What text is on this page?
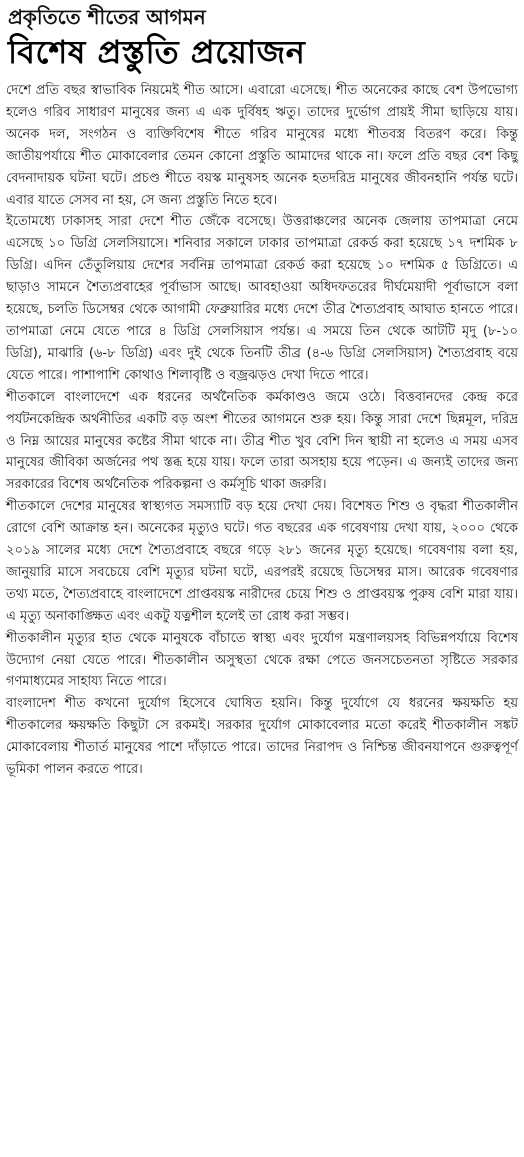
প্রকৃতিতে শীতের আগমন
বিশেষ প্রস্তুতি প্রয়োজন

দেশে প্রতি বছর স্বাভাবিক নিয়মেই শীত আসে। এবারো এসেছে। শীত অনেকের কাছে বেশ উপভোগ্য হলেও গরিব সাধারণ মানুষের জন্য এ এক দুর্বিষহ ঋতু। তাদের দুর্ভোগ প্রায়ই সীমা ছাড়িয়ে যায়। অনেক দল, সংগঠন ও ব্যক্তিবিশেষ শীতে গরিব মানুষের মধ্যে শীতবস্ত্র বিতরণ করে। কিন্তু জাতীয়পর্যায়ে শীত মোকাবেলার তেমন কোনো প্রস্তুতি আমাদের থাকে না। ফলে প্রতি বছর বেশ কিছু বেদনাদায়ক ঘটনা ঘটে। প্রচণ্ড শীতে বয়স্ক মানুষসহ অনেক হতদরিদ্র মানুষের জীবনহানি পর্যন্ত ঘটে। এবার যাতে সেসব না হয়, সে জন্য প্রস্তুতি নিতে হবে।

ইতোমধ্যে ঢাকাসহ সারা দেশে শীত জেঁকে বসেছে। উত্তরাঞ্চলের অনেক জেলায় তাপমাত্রা নেমে এসেছে ১০ ডিগ্রি সেলসিয়াসে। শনিবার সকালে ঢাকার তাপমাত্রা রেকর্ড করা হয়েছে ১৭ দশমিক ৮ ডিগ্রি। এদিন তেঁতুলিয়ায় দেশের সর্বনিম্ন তাপমাত্রা রেকর্ড করা হয়েছে ১০ দশমিক ৫ ডিগ্রিতে। এ ছাড়াও সামনে শৈত্যপ্রবাহের পূর্বাভাস আছে। আবহাওয়া অধিদফতরের দীর্ঘমেয়াদী পূর্বাভাসে বলা হয়েছে, চলতি ডিসেম্বর থেকে আগামী ফেব্রুয়ারির মধ্যে দেশে তীব্র শৈত্যপ্রবাহ আঘাত হানতে পারে। তাপমাত্রা নেমে যেতে পারে ৪ ডিগ্রি সেলসিয়াস পর্যন্ত। এ সময়ে তিন থেকে আটটি মৃদু (৮-১০ ডিগ্রি), মাঝারি (৬-৮ ডিগ্রি) এবং দুই থেকে তিনটি তীব্র (৪-৬ ডিগ্রি সেলসিয়াস) শৈত্যপ্রবাহ বয়ে যেতে পারে। পাশাপাশি কোথাও শিলাবৃষ্টি ও বজ্রঝড়ও দেখা দিতে পারে।

শীতকালে বাংলাদেশে এক ধরনের অর্থনৈতিক কর্মকাণ্ডও জমে ওঠে। বিত্তবানদের কেন্দ্র করে পর্যটনকেন্দ্রিক অর্থনীতির একটি বড় অংশ শীতের আগমনে শুরু হয়। কিন্তু সারা দেশে ছিন্নমূল, দরিদ্র ও নিম্ন আয়ের মানুষের কষ্টের সীমা থাকে না। তীব্র শীত খুব বেশি দিন স্থায়ী না হলেও এ সময় এসব মানুষের জীবিকা অর্জনের পথ স্তব্ধ হয়ে যায়। ফলে তারা অসহায় হয়ে পড়েন। এ জন্যই তাদের জন্য সরকারের বিশেষ অর্থনৈতিক পরিকল্পনা ও কর্মসূচি থাকা জরুরি।

শীতকালে দেশের মানুষের স্বাস্থ্যগত সমস্যাটি বড় হয়ে দেখা দেয়। বিশেষত শিশু ও বৃদ্ধরা শীতকালীন রোগে বেশি আক্রান্ত হন। অনেকের মৃত্যুও ঘটে। গত বছরের এক গবেষণায় দেখা যায়, ২০০০ থেকে ২০১৯ সালের মধ্যে দেশে শৈত্যপ্রবাহে বছরে গড়ে ২৮১ জনের মৃত্যু হয়েছে। গবেষণায় বলা হয়, জানুয়ারি মাসে সবচেয়ে বেশি মৃত্যুর ঘটনা ঘটে, এরপরই রয়েছে ডিসেম্বর মাস। আরেক গবেষণার তথ্য মতে, শৈত্যপ্রবাহে বাংলাদেশে প্রাপ্তবয়স্ক নারীদের চেয়ে শিশু ও প্রাপ্তবয়স্ক পুরুষ বেশি মারা যায়। এ মৃত্যু অনাকাঙ্ক্ষিত এবং একটু যত্নশীল হলেই তা রোধ করা সম্ভব।

শীতকালীন মৃত্যুর হাত থেকে মানুষকে বাঁচাতে স্বাস্থ্য এবং দুর্যোগ মন্ত্রণালয়সহ বিভিন্নপর্যায়ে বিশেষ উদ্যোগ নেয়া যেতে পারে। শীতকালীন অসুস্থতা থেকে রক্ষা পেতে জনসচেতনতা সৃষ্টিতে সরকার গণমাধ্যমের সাহায্য নিতে পারে।

বাংলাদেশ শীত কখনো দুর্যোগ হিসেবে ঘোষিত হয়নি। কিন্তু দুর্যোগে যে ধরনের ক্ষয়ক্ষতি হয় শীতকালের ক্ষয়ক্ষতি কিছুটা সে রকমই। সরকার দুর্যোগ মোকাবেলার মতো করেই শীতকালীন সঙ্কট মোকাবেলায় শীতার্ত মানুষের পাশে দাঁড়াতে পারে। তাদের নিরাপদ ও নিশ্চিন্ত জীবনযাপনে গুরুত্বপূর্ণ ভূমিকা পালন করতে পারে।
